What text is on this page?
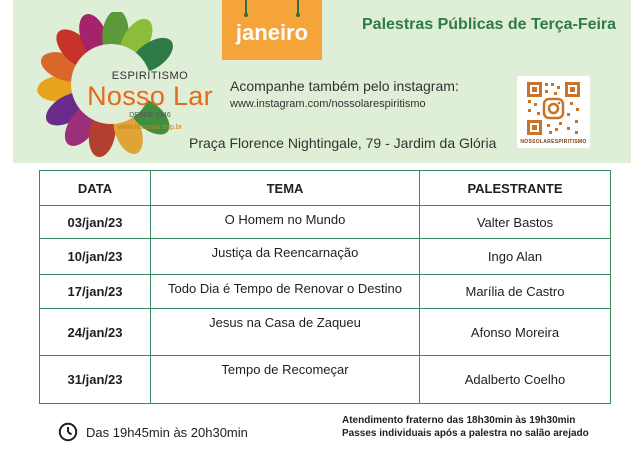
ESPIRITISMO
Nosso Lar
DESDE 1946
www.nossolar.esp.br
janeiro	Palestras Públicas de Terça-Feira
Acompanhe também pelo instagram:
www.instagram.com/nossolarespiritismo
Praça Florence Nightingale, 79 - Jardim da Glória	NOSSOLARESPIRITISMO
DATA	TEMA	PALESTRANTE
03/jan/23	O Homem no Mundo	Valter Bastos
10/jan/23	Justiça da Reencarnação	Ingo Alan
17/jan/23	Todo Dia é Tempo de Renovar o Destino	Marília de Castro
24/jan/23	Jesus na Casa de Zaqueu	Afonso Moreira
31/jan/23	Tempo de Recomeçar	Adalberto Coelho
Das 19h45min às 20h30min
Atendimento fraterno das 18h30min às 19h30min
Passes individuais após a palestra no salão arejado
